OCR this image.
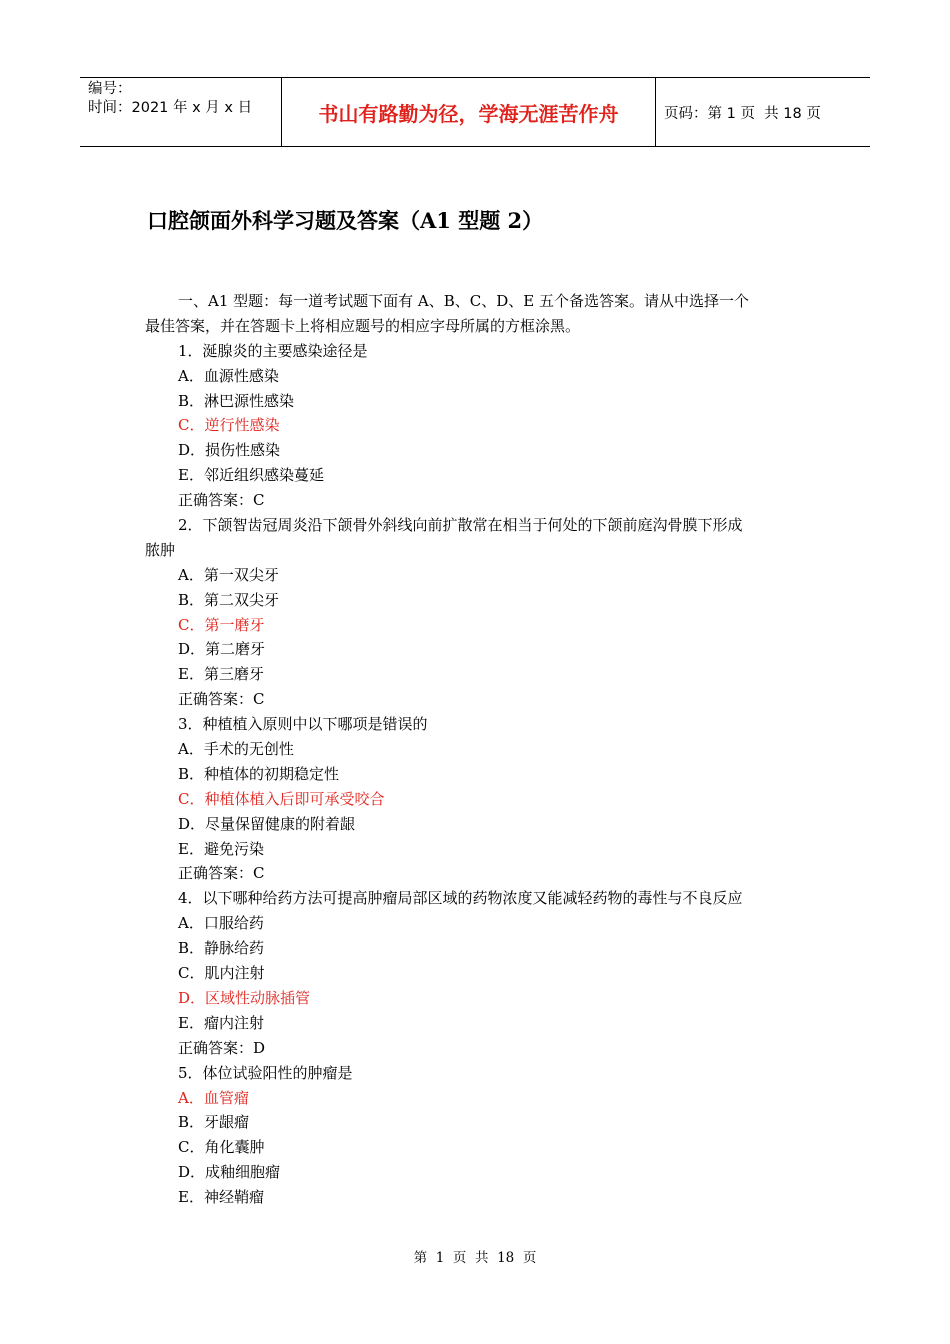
编号：
时间：2021 年 x 月 x 日	书山有路勤为径，学海无涯苦作舟	页码：第 1 页  共 18 页
口腔颌面外科学习题及答案（A1 型题 2）
一、A1 型题：每一道考试题下面有 A、B、C、D、E 五个备选答案。请从中选择一个
最佳答案，并在答题卡上将相应题号的相应字母所属的方框涂黑。
1．涎腺炎的主要感染途径是
A．血源性感染
B．淋巴源性感染
C．逆行性感染
D．损伤性感染
E．邻近组织感染蔓延
正确答案：C
2．下颌智齿冠周炎沿下颌骨外斜线向前扩散常在相当于何处的下颌前庭沟骨膜下形成
脓肿
A．第一双尖牙
B．第二双尖牙
C．第一磨牙
D．第二磨牙
E．第三磨牙
正确答案：C
3．种植植入原则中以下哪项是错误的
A．手术的无创性
B．种植体的初期稳定性
C．种植体植入后即可承受咬合
D．尽量保留健康的附着龈
E．避免污染
正确答案：C
4．以下哪种给药方法可提高肿瘤局部区域的药物浓度又能减轻药物的毒性与不良反应
A．口服给药
B．静脉给药
C．肌内注射
D．区域性动脉插管
E．瘤内注射
正确答案：D
5．体位试验阳性的肿瘤是
A．血管瘤
B．牙龈瘤
C．角化囊肿
D．成釉细胞瘤
E．神经鞘瘤
第  1  页  共  18  页
